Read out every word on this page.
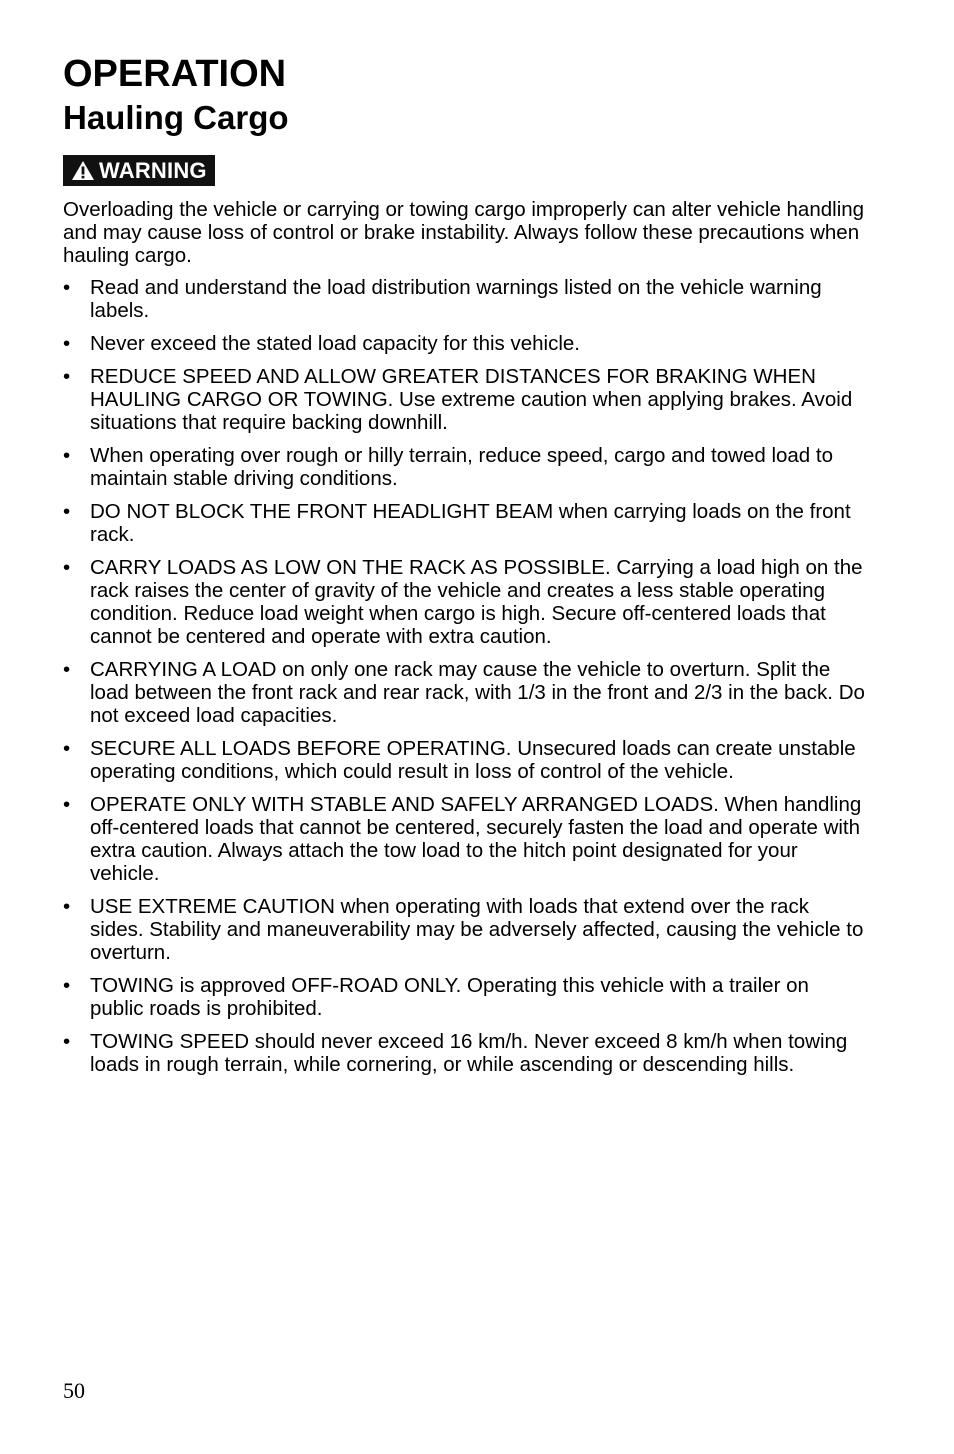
OPERATION
Hauling Cargo
WARNING

Overloading the vehicle or carrying or towing cargo improperly can alter vehicle handling and may cause loss of control or brake instability. Always follow these precautions when hauling cargo.

• Read and understand the load distribution warnings listed on the vehicle warning labels.
• Never exceed the stated load capacity for this vehicle.
• REDUCE SPEED AND ALLOW GREATER DISTANCES FOR BRAKING WHEN HAULING CARGO OR TOWING. Use extreme caution when applying brakes. Avoid situations that require backing downhill.
• When operating over rough or hilly terrain, reduce speed, cargo and towed load to maintain stable driving conditions.
• DO NOT BLOCK THE FRONT HEADLIGHT BEAM when carrying loads on the front rack.
• CARRY LOADS AS LOW ON THE RACK AS POSSIBLE. Carrying a load high on the rack raises the center of gravity of the vehicle and creates a less stable operating condition. Reduce load weight when cargo is high. Secure off-centered loads that cannot be centered and operate with extra caution.
• CARRYING A LOAD on only one rack may cause the vehicle to overturn. Split the load between the front rack and rear rack, with 1/3 in the front and 2/3 in the back. Do not exceed load capacities.
• SECURE ALL LOADS BEFORE OPERATING. Unsecured loads can create unstable operating conditions, which could result in loss of control of the vehicle.
• OPERATE ONLY WITH STABLE AND SAFELY ARRANGED LOADS. When handling off-centered loads that cannot be centered, securely fasten the load and operate with extra caution. Always attach the tow load to the hitch point designated for your vehicle.
• USE EXTREME CAUTION when operating with loads that extend over the rack sides. Stability and maneuverability may be adversely affected, causing the vehicle to overturn.
• TOWING is approved OFF-ROAD ONLY. Operating this vehicle with a trailer on public roads is prohibited.
• TOWING SPEED should never exceed 16 km/h. Never exceed 8 km/h when towing loads in rough terrain, while cornering, or while ascending or descending hills.
50
